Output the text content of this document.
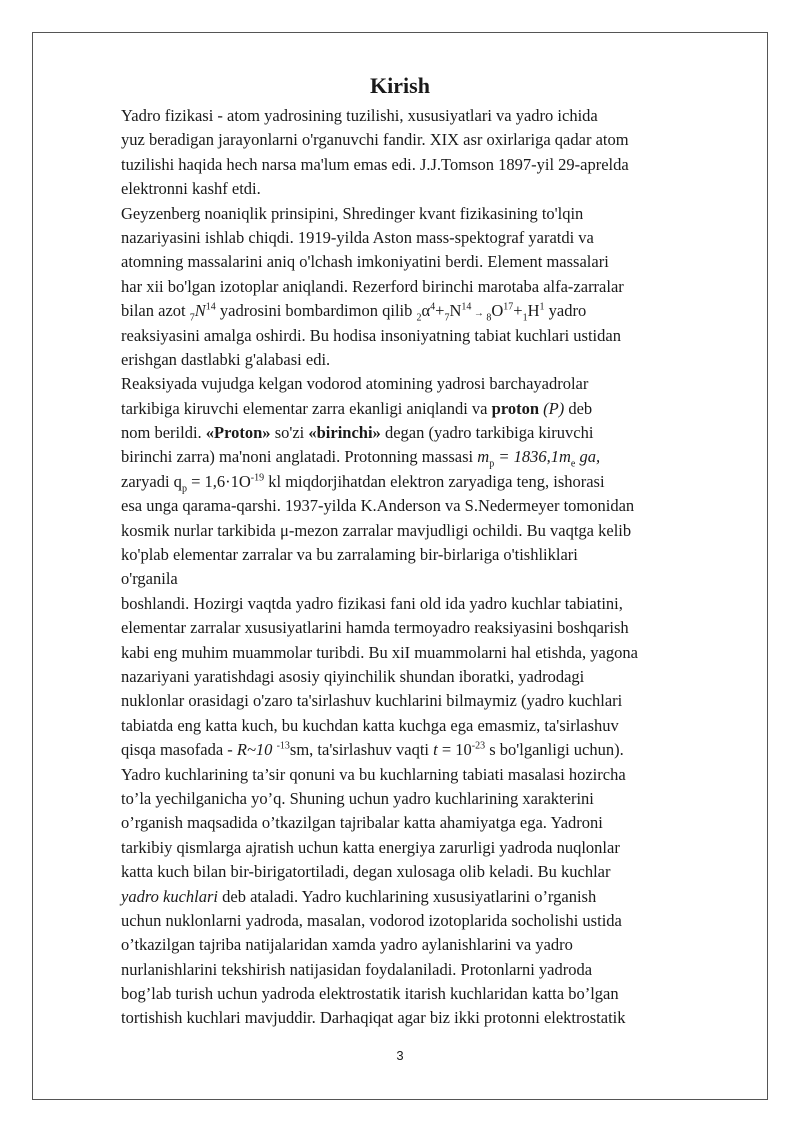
Kirish
Yadro fizikasi - atom yadrosining tuzilishi, xususiyatlari va yadro ichida
yuz beradigan jarayonlarni o'rganuvchi fandir. XIX asr oxirlariga qadar atom
tuzilishi haqida hech narsa ma'lum emas edi. J.J.Tomson 1897-yil 29-aprelda
elektronni kashf etdi.
Geyzenberg noaniqlik prinsipini, Shredinger kvant fizikasining to'lqin
nazariyasini ishlab chiqdi. 1919-yilda Aston mass-spektograf yaratdi va
atomning massalarini aniq o'lchash imkoniyatini berdi. Element massalari
har xii bo'lgan izotoplar aniqlandi. Rezerford birinchi marotaba alfa-zarralar
bilan azot $_7N^{14}$ yadrosini bombardimon qilib $_2\alpha^4+_7N^{14} \to _8O^{17}+_1H^1$ yadro
reaksiyasini amalga oshirdi. Bu hodisa insoniyatning tabiat kuchlari ustidan
erishgan dastlabki g'alabasi edi.
Reaksiyada vujudga kelgan vodorod atomining yadrosi barchayadrolar
tarkibiga kiruvchi elementar zarra ekanligi aniqlandi va proton (P) deb
nom berildi. «Proton» so'zi «birinchi» degan (yadro tarkibiga kiruvchi
birinchi zarra) ma'noni anglatadi. Protonning massasi $m_p = 1836,1m_e$ ga,
zaryadi $q_p = 1,6\cdot 1O^{-19}$ kl miqdorjihatdan elektron zaryadiga teng, ishorasi
esa unga qarama-qarshi. 1937-yilda K.Anderson va S.Nedermeyer tomonidan
kosmik nurlar tarkibida μ-mezon zarralar mavjudligi ochildi. Bu vaqtga kelib
ko'plab elementar zarralar va bu zarralaming bir-birlariga o'tishliklari
o'rganila
boshlandi. Hozirgi vaqtda yadro fizikasi fani old ida yadro kuchlar tabiatini,
elementar zarralar xususiyatlarini hamda termoyadro reaksiyasini boshqarish
kabi eng muhim muammolar turibdi. Bu xiI muammolarni hal etishda, yagona
nazariyani yaratishdagi asosiy qiyinchilik shundan iboratki, yadrodagi
nuklonlar orasidagi o'zaro ta'sirlashuv kuchlarini bilmaymiz (yadro kuchlari
tabiatda eng katta kuch, bu kuchdan katta kuchga ega emasmiz, ta'sirlashuv
qisqa masofada - R~10 $^{-13}$sm, ta'sirlashuv vaqti $t = 10^{-23}$ s bo'lganligi uchun).
Yadro kuchlarining ta’sir qonuni va bu kuchlarning tabiati masalasi hozircha
to’la yechilganicha yo’q. Shuning uchun yadro kuchlarining xarakterini
o’rganish maqsadida o’tkazilgan tajribalar katta ahamiyatga ega. Yadroni
tarkibiy qismlarga ajratish uchun katta energiya zarurligi yadroda nuqlonlar
katta kuch bilan bir-birigatortiladi, degan xulosaga olib keladi. Bu kuchlar
yadro kuchlari deb ataladi. Yadro kuchlarining xususiyatlarini o’rganish
uchun nuklonlarni yadroda, masalan, vodorod izotoplarida socholishi ustida
o’tkazilgan tajriba natijalaridan xamda yadro aylanishlarini va yadro
nurlanishlarini tekshirish natijasidan foydalaniladi. Protonlarni yadroda
bog’lab turish uchun yadroda elektrostatik itarish kuchlaridan katta bo’lgan
tortishish kuchlari mavjuddir. Darhaqiqat agar biz ikki protonni elektrostatik
3
